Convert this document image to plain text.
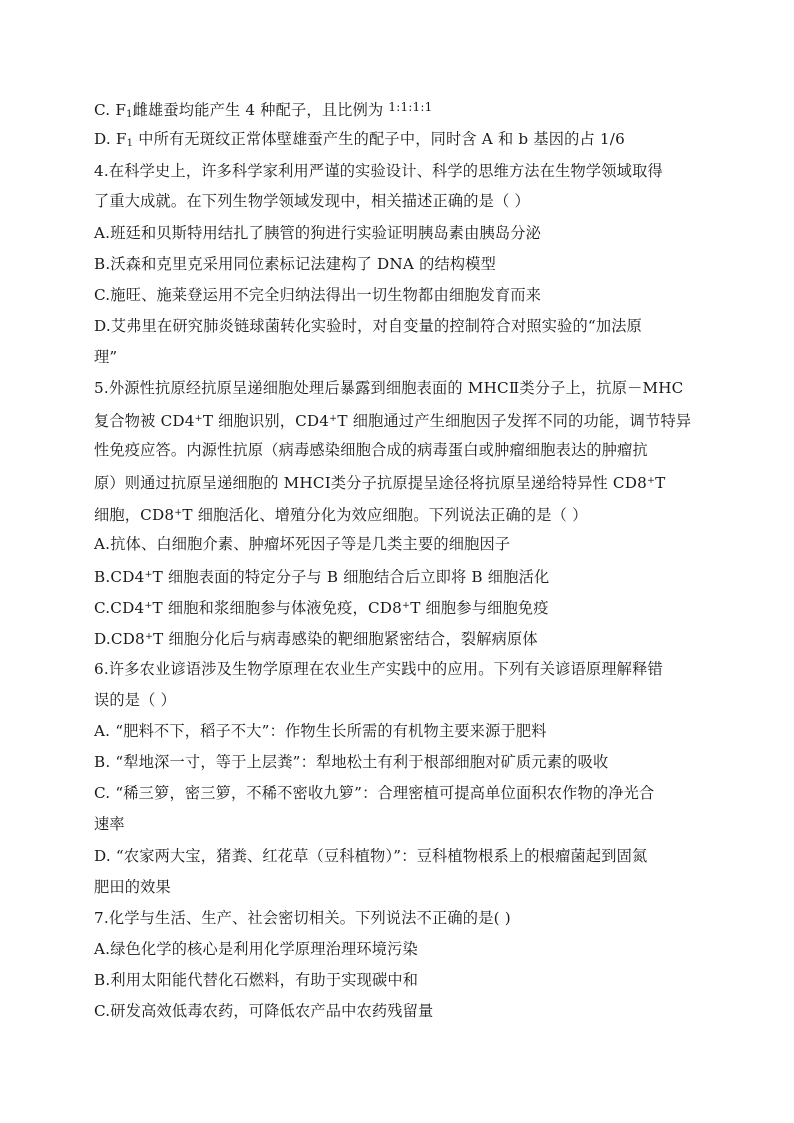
C. $F_1$雌雄蚕均能产生 4 种配子，且比例为 $^{1:1:1:1}$
D. $F_1$ 中所有无斑纹正常体壁雄蚕产生的配子中，同时含 A 和 b 基因的占 1/6
4.在科学史上，许多科学家利用严谨的实验设计、科学的思维方法在生物学领域取得
了重大成就。在下列生物学领域发现中，相关描述正确的是（ ）
A.班廷和贝斯特用结扎了胰管的狗进行实验证明胰岛素由胰岛分泌
B.沃森和克里克采用同位素标记法建构了 DNA 的结构模型
C.施旺、施莱登运用不完全归纳法得出一切生物都由细胞发育而来
D.艾弗里在研究肺炎链球菌转化实验时，对自变量的控制符合对照实验的“加法原
理”
5.外源性抗原经抗原呈递细胞处理后暴露到细胞表面的 MHCⅡ类分子上，抗原－MHC
复合物被 CD4+T 细胞识别，CD4+T 细胞通过产生细胞因子发挥不同的功能，调节特异
性免疫应答。内源性抗原（病毒感染细胞合成的病毒蛋白或肿瘤细胞表达的肿瘤抗
原）则通过抗原呈递细胞的 MHCⅠ类分子抗原提呈途径将抗原呈递给特异性 CD8+T
细胞，CD8+T 细胞活化、增殖分化为效应细胞。下列说法正确的是（ ）
A.抗体、白细胞介素、肿瘤坏死因子等是几类主要的细胞因子
B.CD4+T 细胞表面的特定分子与 B 细胞结合后立即将 B 细胞活化
C.CD4+T 细胞和浆细胞参与体液免疫，CD8+T 细胞参与细胞免疫
D.CD8+T 细胞分化后与病毒感染的靶细胞紧密结合，裂解病原体
6.许多农业谚语涉及生物学原理在农业生产实践中的应用。下列有关谚语原理解释错
误的是（ ）
A. “肥料不下，稻子不大”：作物生长所需的有机物主要来源于肥料
B. “犁地深一寸，等于上层粪”：犁地松土有利于根部细胞对矿质元素的吸收
C. “稀三箩，密三箩，不稀不密收九箩”：合理密植可提高单位面积农作物的净光合
速率
D. “农家两大宝，猪粪、红花草（豆科植物）”：豆科植物根系上的根瘤菌起到固氮
肥田的效果
7.化学与生活、生产、社会密切相关。下列说法不正确的是( )
A.绿色化学的核心是利用化学原理治理环境污染
B.利用太阳能代替化石燃料，有助于实现碳中和
C.研发高效低毒农药，可降低农产品中农药残留量
